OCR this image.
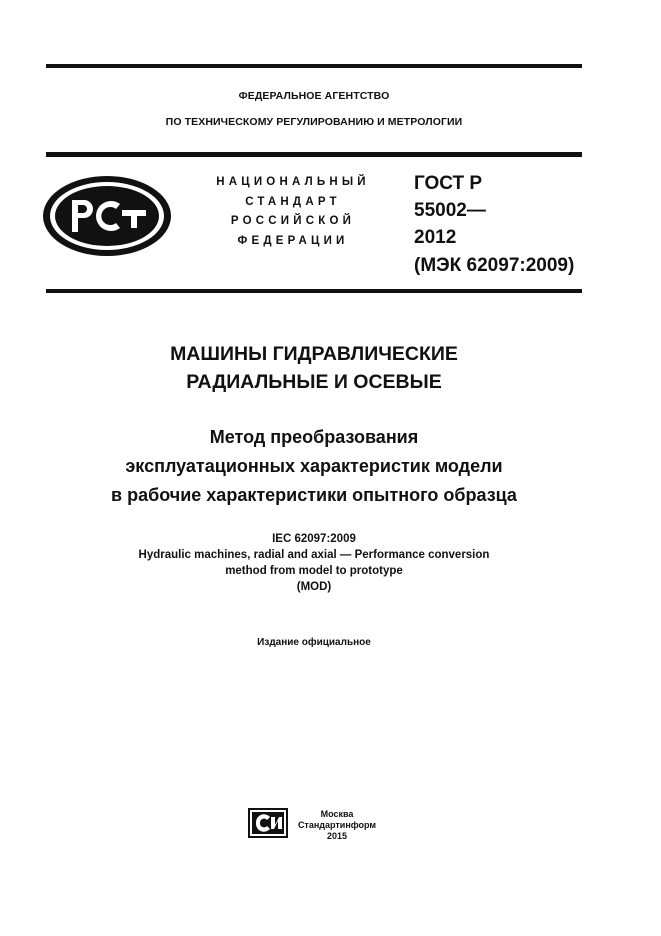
ФЕДЕРАЛЬНОЕ АГЕНТСТВО
ПО ТЕХНИЧЕСКОМУ РЕГУЛИРОВАНИЮ И МЕТРОЛОГИИ
НАЦИОНАЛЬНЫЙ
СТАНДАРТ
РОССИЙСКОЙ
ФЕДЕРАЦИИ
ГОСТ Р
55002—
2012
(МЭК 62097:2009)
МАШИНЫ ГИДРАВЛИЧЕСКИЕ
РАДИАЛЬНЫЕ И ОСЕВЫЕ
Метод преобразования
эксплуатационных характеристик модели
в рабочие характеристики опытного образца
IEC 62097:2009
Hydraulic machines, radial and axial — Performance conversion
method from model to prototype
(MOD)
Издание официальное
Москва
Стандартинформ
2015
